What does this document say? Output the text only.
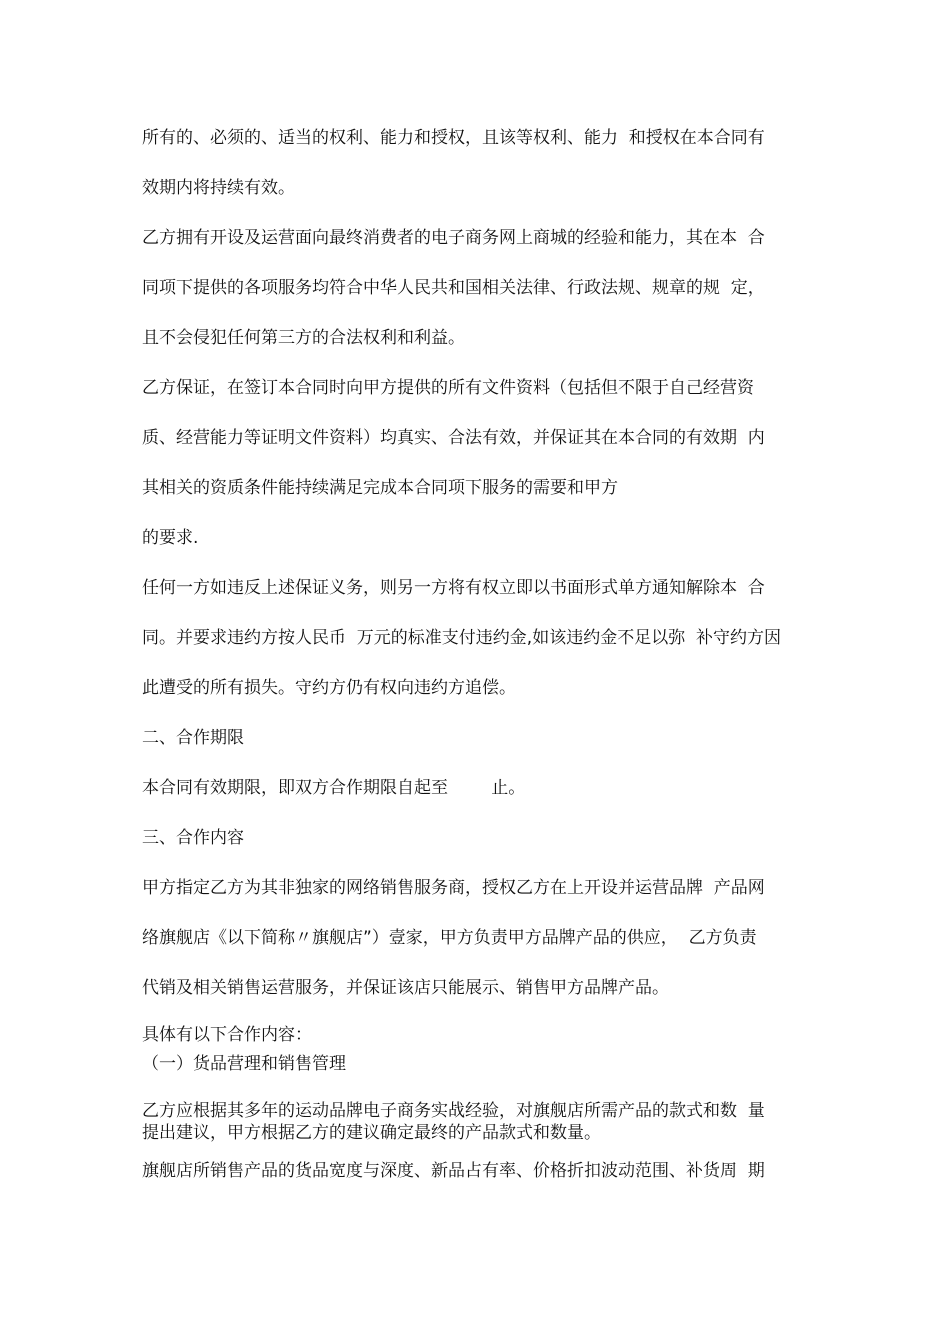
所有的、必须的、适当的权利、能力和授权，且该等权利、能力  和授权在本合同有
效期内将持续有效。
乙方拥有开设及运营面向最终消费者的电子商务网上商城的经验和能力，其在本  合
同项下提供的各项服务均符合中华人民共和国相关法律、行政法规、规章的规  定，
且不会侵犯任何第三方的合法权利和利益。
乙方保证，在签订本合同时向甲方提供的所有文件资料（包括但不限于自己经营资
质、经营能力等证明文件资料）均真实、合法有效，并保证其在本合同的有效期  内
其相关的资质条件能持续满足完成本合同项下服务的需要和甲方
的要求.
任何一方如违反上述保证义务，则另一方将有权立即以书面形式单方通知解除本  合
同。并要求违约方按人民币  万元的标准支付违约金,如该违约金不足以弥  补守约方因
此遭受的所有损失。守约方仍有权向违约方追偿。
二、合作期限
本合同有效期限，即双方合作期限自起至        止。
三、合作内容
甲方指定乙方为其非独家的网络销售服务商，授权乙方在上开设并运营品牌  产品网
络旗舰店《以下简称〃旗舰店”）壹家，甲方负责甲方品牌产品的供应，  乙方负责
代销及相关销售运营服务，并保证该店只能展示、销售甲方品牌产品。
具体有以下合作内容：
（一）货品营理和销售管理
乙方应根据其多年的运动品牌电子商务实战经验，对旗舰店所需产品的款式和数  量
提出建议，甲方根据乙方的建议确定最终的产品款式和数量。
旗舰店所销售产品的货品宽度与深度、新品占有率、价格折扣波动范围、补货周  期
